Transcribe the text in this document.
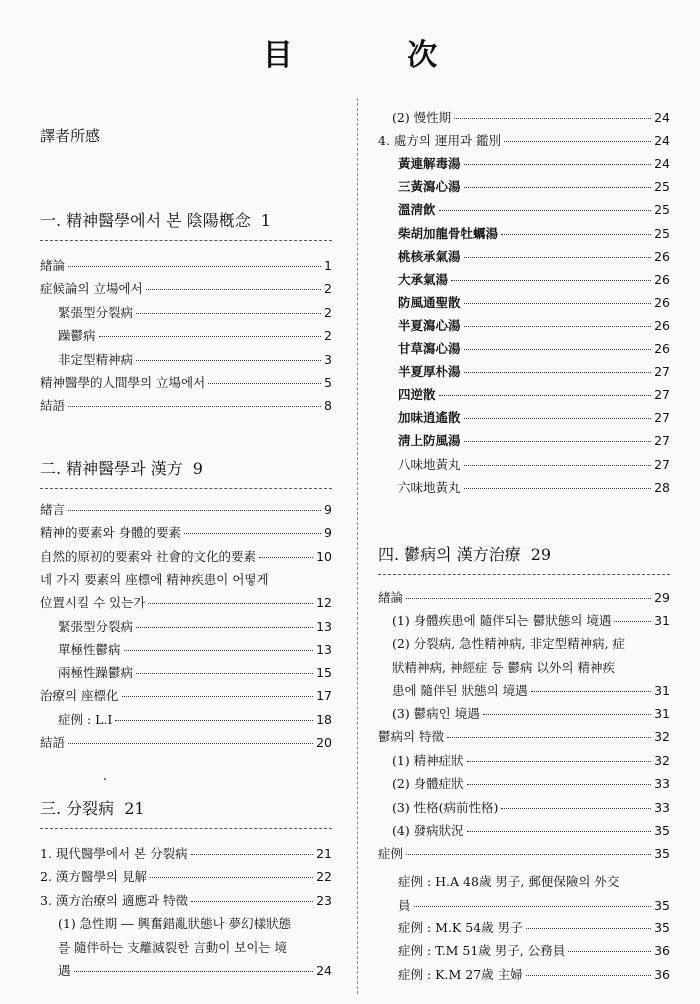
目 次
譯者所感
一. 精神醫學에서 본 陰陽槪念 1
緖論	1
症候論의 立場에서	2
緊張型分裂病	2
躁鬱病	2
非定型精神病	3
精神醫學的人間學의 立場에서	5
結語	8
二. 精神醫學과 漢方 9
緖言	9
精神的要素와 身體的要素	9
自然的原初的要素와 社會的文化的要素	10
네 가지 要素의 座標에 精神疾患이 어떻게
位置시킬 수 있는가	12
緊張型分裂病	13
單極性鬱病	13
兩極性躁鬱病	15
治療의 座標化	17
症例 : L.I	18
結語	20
三. 分裂病 21
1. 現代醫學에서 본 分裂病	21
2. 漢方醫學의 見解	22
3. 漢方治療의 適應과 特徵	23
(1) 急性期 ― 興奮錯亂狀態나 夢幻樣狀態
를 隨伴하는 支離滅裂한 言動이 보이는 境
遇	24
(2) 慢性期	24
4. 處方의 運用과 鑑別	24
黃連解毒湯	24
三黃瀉心湯	25
溫淸飮	25
柴胡加龍骨牡蠣湯	25
桃核承氣湯	26
大承氣湯	26
防風通聖散	26
半夏瀉心湯	26
甘草瀉心湯	26
半夏厚朴湯	27
四逆散	27
加味逍遙散	27
淸上防風湯	27
八味地黃丸	27
六味地黃丸	28
四. 鬱病의 漢方治療 29
緖論	29
(1) 身體疾患에 隨伴되는 鬱狀態의 境遇	31
(2) 分裂病, 急性精神病, 非定型精神病, 症
狀精神病, 神經症 등 鬱病 以外의 精神疾
患에 隨伴된 狀態의 境遇	31
(3) 鬱病인 境遇	31
鬱病의 特徵	32
(1) 精神症狀	32
(2) 身體症狀	33
(3) 性格(病前性格)	33
(4) 發病狀況	35
症例	35
症例 : H.A 48歲 男子, 郵便保險의 外交
員	35
症例 : M.K 54歲 男子	35
症例 : T.M 51歲 男子, 公務員	36
症例 : K.M 27歲 主婦	36
